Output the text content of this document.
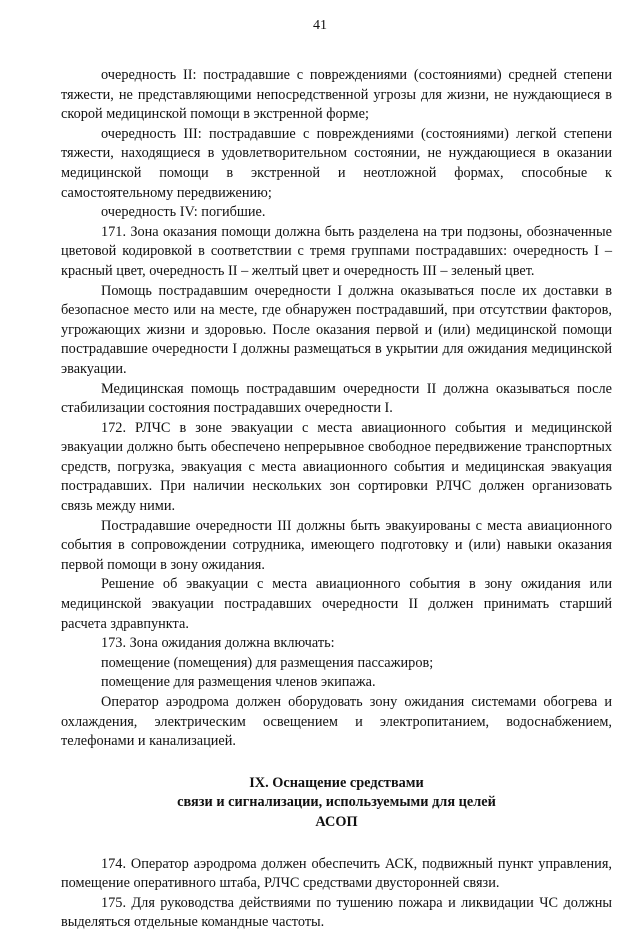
41

очередность II: пострадавшие с повреждениями (состояниями) средней степени тяжести, не представляющими непосредственной угрозы для жизни, не нуждающиеся в скорой медицинской помощи в экстренной форме;

очередность III: пострадавшие с повреждениями (состояниями) легкой степени тяжести, находящиеся в удовлетворительном состоянии, не нуждающиеся в оказании медицинской помощи в экстренной и неотложной формах, способные к самостоятельному передвижению;

очередность IV: погибшие.

171. Зона оказания помощи должна быть разделена на три подзоны, обозначенные цветовой кодировкой в соответствии с тремя группами пострадавших: очередность I – красный цвет, очередность II – желтый цвет и очередность III – зеленый цвет.

Помощь пострадавшим очередности I должна оказываться после их доставки в безопасное место или на месте, где обнаружен пострадавший, при отсутствии факторов, угрожающих жизни и здоровью. После оказания первой и (или) медицинской помощи пострадавшие очередности I должны размещаться в укрытии для ожидания медицинской эвакуации.

Медицинская помощь пострадавшим очередности II должна оказываться после стабилизации состояния пострадавших очередности I.

172. РЛЧС в зоне эвакуации с места авиационного события и медицинской эвакуации должно быть обеспечено непрерывное свободное передвижение транспортных средств, погрузка, эвакуация с места авиационного события и медицинская эвакуация пострадавших. При наличии нескольких зон сортировки РЛЧС должен организовать связь между ними.

Пострадавшие очередности III должны быть эвакуированы с места авиационного события в сопровождении сотрудника, имеющего подготовку и (или) навыки оказания первой помощи в зону ожидания.

Решение об эвакуации с места авиационного события в зону ожидания или медицинской эвакуации пострадавших очередности II должен принимать старший расчета здравпункта.

173. Зона ожидания должна включать:

помещение (помещения) для размещения пассажиров;

помещение для размещения членов экипажа.

Оператор аэродрома должен оборудовать зону ожидания системами обогрева и охлаждения, электрическим освещением и электропитанием, водоснабжением, телефонами и канализацией.

IX. Оснащение средствами
связи и сигнализации, используемыми для целей
АСОП

174. Оператор аэродрома должен обеспечить АСК, подвижный пункт управления, помещение оперативного штаба, РЛЧС средствами двусторонней связи.

175. Для руководства действиями по тушению пожара и ликвидации ЧС должны выделяться отдельные командные частоты.
